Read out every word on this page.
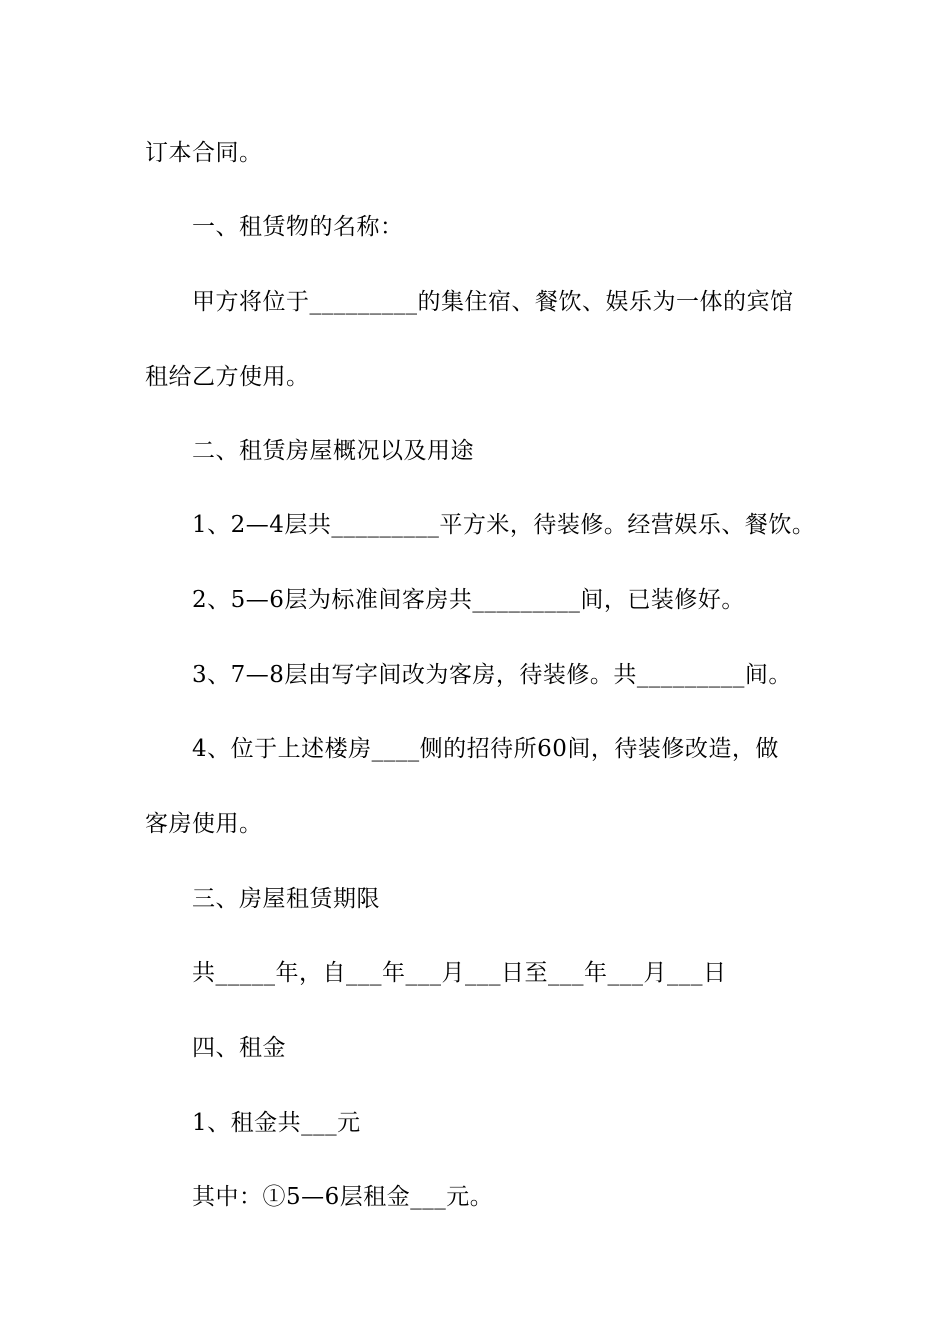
订本合同。
一、租赁物的名称：
甲方将位于_________的集住宿、餐饮、娱乐为一体的宾馆
租给乙方使用。
二、租赁房屋概况以及用途
1、2—4层共_________平方米，待装修。经营娱乐、餐饮。
2、5—6层为标准间客房共_________间，已装修好。
3、7—8层由写字间改为客房，待装修。共_________间。
4、位于上述楼房____侧的招待所60间，待装修改造，做
客房使用。
三、房屋租赁期限
共_____年，自___年___月___日至___年___月___日
四、租金
1、租金共___元
其中：①5—6层租金___元。
